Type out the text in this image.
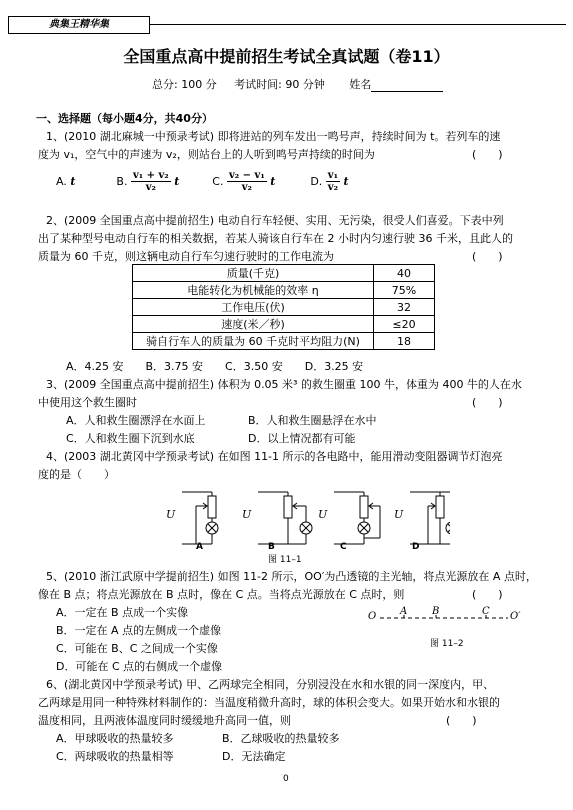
典集王精华集
全国重点高中提前招生考试全真试题（卷11）
总分: 100 分 考试时间: 90 分钟 姓名
一、选择题（每小题4分，共40分）
1、(2010 湖北麻城一中预录考试) 即将进站的列车发出一鸣号声，持续时间为 t。若列车的速
度为 v₁，空气中的声速为 v₂，则站台上的人听到鸣号声持续的时间为	(　　)
A. t	B. $\frac{\text{v₁ + v₂}}{\text{v₂}}$ t	C. $\frac{\text{v₂ − v₁}}{\text{v₂}}$ t	D. $\frac{\text{v₁}}{\text{v₂}}$ t
2、(2009 全国重点高中提前招生) 电动自行车轻便、实用、无污染，很受人们喜爱。下表中列
出了某种型号电动自行车的相关数据，若某人骑该自行车在 2 小时内匀速行驶 36 千米，且此人的
质量为 60 千克，则这辆电动自行车匀速行驶时的工作电流为	(　　)
质量(千克)	40
电能转化为机械能的效率 η	75%
工作电压(伏)	32
速度(米／秒)	≤20
骑自行车人的质量为 60 千克时平均阻力(N)	18
A．4.25 安　　B．3.75 安　　C．3.50 安　　D．3.25 安
3、(2009 全国重点高中提前招生) 体积为 0.05 米³ 的救生圈重 100 牛，体重为 400 牛的人在水
中使用这个救生圈时	(　　)
A．人和救生圈漂浮在水面上	B．人和救生圈悬浮在水中
C．人和救生圈下沉到水底	D．以上情况都有可能
4、(2003 湖北黄冈中学预录考试) 在如图 11-1 所示的各电路中，能用滑动变阻器调节灯泡亮
度的是（　　）
U	U	U	U
A	B	C	D
图 11–1
5、(2010 浙江武原中学提前招生) 如图 11-2 所示，OO′为凸透镜的主光轴，将点光源放在 A 点时，
像在 B 点；将点光源放在 B 点时，像在 C 点。当将点光源放在 C 点时，则	(　　)
A．一定在 B 点成一个实像
B．一定在 A 点的左侧成一个虚像
C．可能在 B、C 之间成一个实像
D．可能在 C 点的右侧成一个虚像
O A B	C O′
图 11–2
6、(湖北黄冈中学预录考试) 甲、乙两球完全相同，分别浸没在水和水银的同一深度内，甲、
乙两球是用同一种特殊材料制作的：当温度稍微升高时，球的体积会变大。如果开始水和水银的
温度相同，且两液体温度同时缓缓地升高同一值，则	(　　)
A．甲球吸收的热量较多	B．乙球吸收的热量较多
C．两球吸收的热量相等	D．无法确定
0
